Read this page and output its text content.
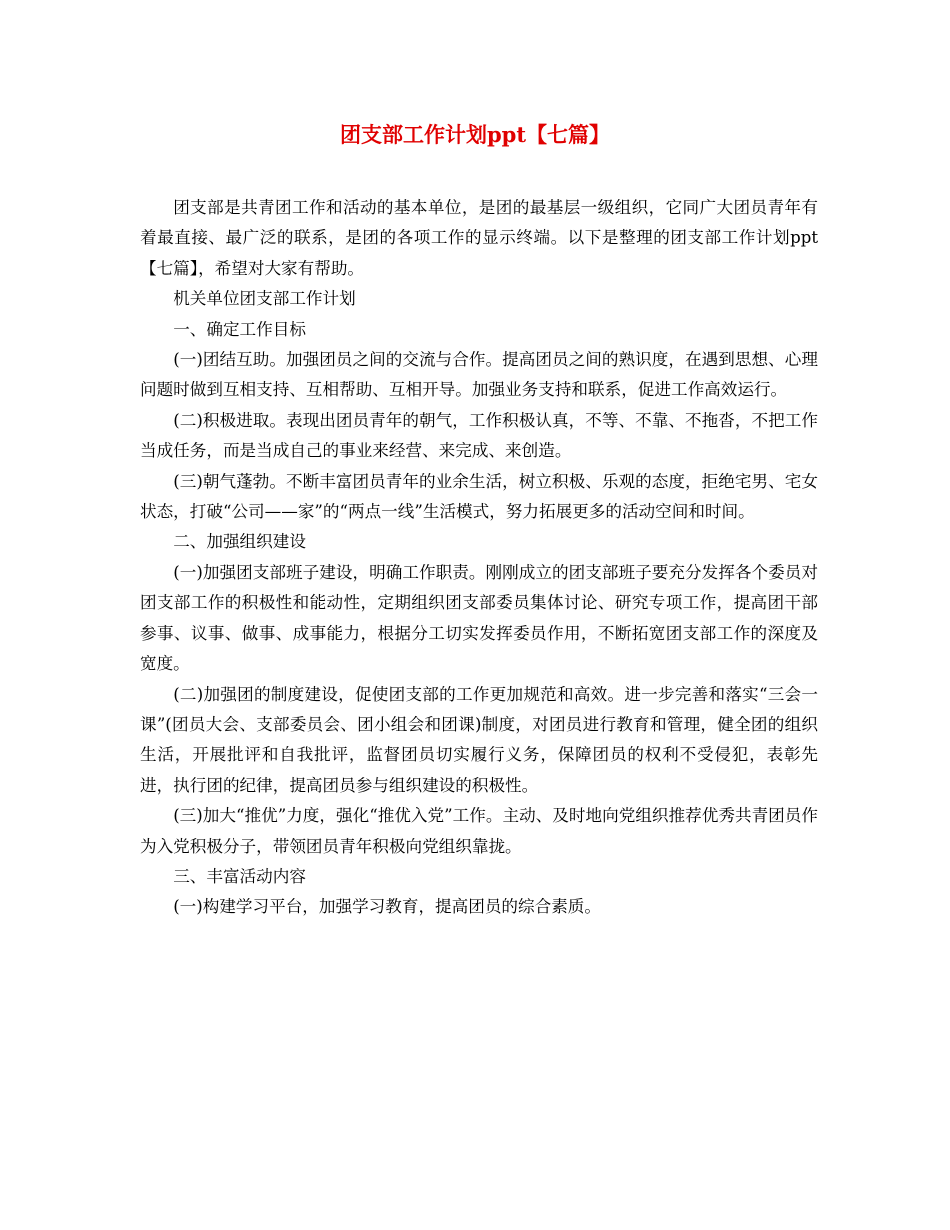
团支部工作计划ppt【七篇】

团支部是共青团工作和活动的基本单位，是团的最基层一级组织，它同广大团员青年有着最直接、最广泛的联系，是团的各项工作的显示终端。以下是整理的团支部工作计划ppt【七篇】，希望对大家有帮助。

机关单位团支部工作计划

一、确定工作目标

(一)团结互助。加强团员之间的交流与合作。提高团员之间的熟识度，在遇到思想、心理问题时做到互相支持、互相帮助、互相开导。加强业务支持和联系，促进工作高效运行。

(二)积极进取。表现出团员青年的朝气，工作积极认真，不等、不靠、不拖沓，不把工作当成任务，而是当成自己的事业来经营、来完成、来创造。

(三)朝气蓬勃。不断丰富团员青年的业余生活，树立积极、乐观的态度，拒绝宅男、宅女状态，打破“公司——家”的“两点一线”生活模式，努力拓展更多的活动空间和时间。

二、加强组织建设

(一)加强团支部班子建设，明确工作职责。刚刚成立的团支部班子要充分发挥各个委员对团支部工作的积极性和能动性，定期组织团支部委员集体讨论、研究专项工作，提高团干部参事、议事、做事、成事能力，根据分工切实发挥委员作用，不断拓宽团支部工作的深度及宽度。

(二)加强团的制度建设，促使团支部的工作更加规范和高效。进一步完善和落实“三会一课”(团员大会、支部委员会、团小组会和团课)制度，对团员进行教育和管理，健全团的组织生活，开展批评和自我批评，监督团员切实履行义务，保障团员的权利不受侵犯，表彰先进，执行团的纪律，提高团员参与组织建设的积极性。

(三)加大“推优”力度，强化“推优入党”工作。主动、及时地向党组织推荐优秀共青团员作为入党积极分子，带领团员青年积极向党组织靠拢。

三、丰富活动内容

(一)构建学习平台，加强学习教育，提高团员的综合素质。
